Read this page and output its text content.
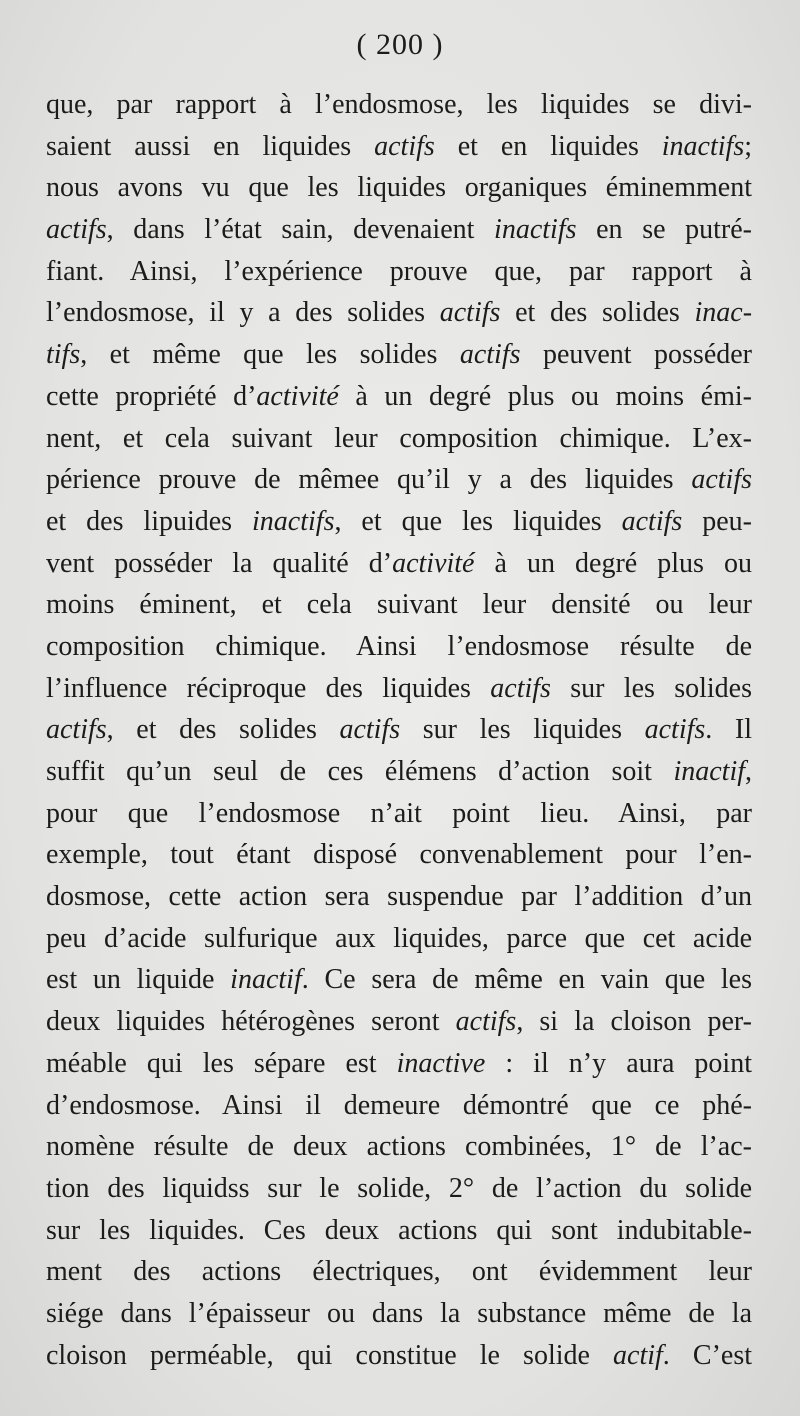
( 200 )
que, par rapport à l’endosmose, les liquides se divi-
saient aussi en liquides actifs et en liquides inactifs;
nous avons vu que les liquides organiques éminemment
actifs, dans l’état sain, devenaient inactifs en se putré-
fiant. Ainsi, l’expérience prouve que, par rapport à
l’endosmose, il y a des solides actifs et des solides inac-
tifs, et même que les solides actifs peuvent posséder
cette propriété d’activité à un degré plus ou moins émi-
nent, et cela suivant leur composition chimique. L’ex-
périence prouve de mêmee qu’il y a des liquides actifs
et des lipuides inactifs, et que les liquides actifs peu-
vent posséder la qualité d’activité à un degré plus ou
moins éminent, et cela suivant leur densité ou leur
composition chimique. Ainsi l’endosmose résulte de
l’influence réciproque des liquides actifs sur les solides
actifs, et des solides actifs sur les liquides actifs. Il
suffit qu’un seul de ces élémens d’action soit inactif,
pour que l’endosmose n’ait point lieu. Ainsi, par
exemple, tout étant disposé convenablement pour l’en-
dosmose, cette action sera suspendue par l’addition d’un
peu d’acide sulfurique aux liquides, parce que cet acide
est un liquide inactif. Ce sera de même en vain que les
deux liquides hétérogènes seront actifs, si la cloison per-
méable qui les sépare est inactive : il n’y aura point
d’endosmose. Ainsi il demeure démontré que ce phé-
nomène résulte de deux actions combinées, 1° de l’ac-
tion des liquidss sur le solide, 2° de l’action du solide
sur les liquides. Ces deux actions qui sont indubitable-
ment des actions électriques, ont évidemment leur
siége dans l’épaisseur ou dans la substance même de la
cloison perméable, qui constitue le solide actif. C’est
